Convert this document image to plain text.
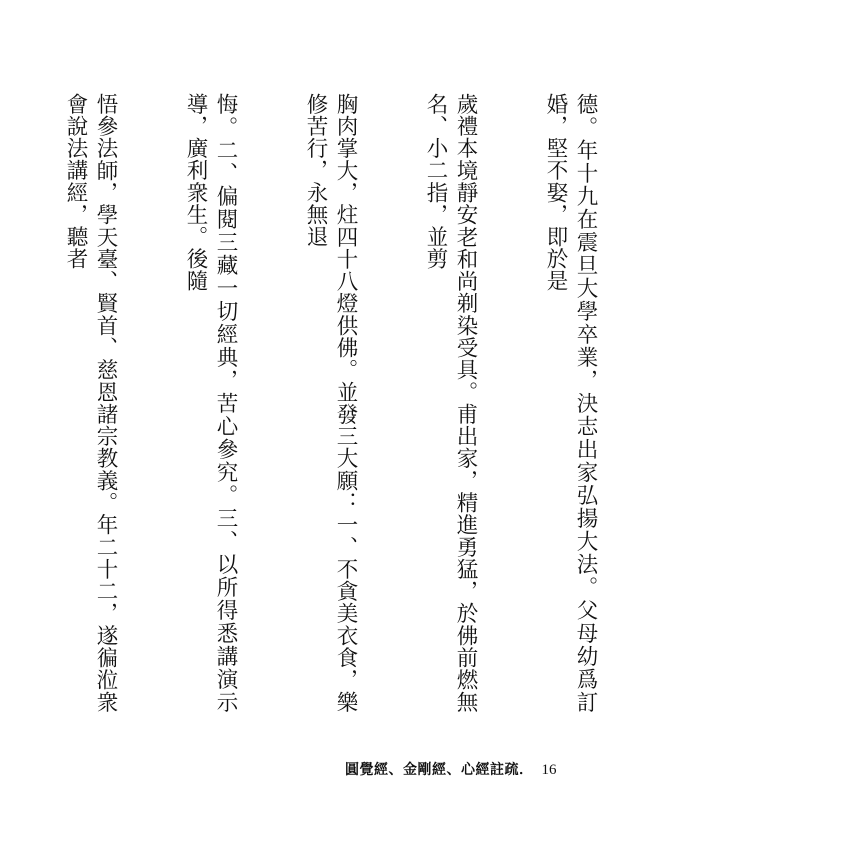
德。年十九在震旦大學卒業，決志出家弘揚大法。父母幼爲訂婚，堅不娶，即於是

歲禮本境靜安老和尚剃染受具。甫出家，精進勇猛，於佛前燃無名、小二指，並剪

胸肉掌大，炷四十八燈供佛。並發三大願：一、不貪美衣食，樂修苦行，永無退

悔。二、偏閱三藏一切經典，苦心參究。三、以所得悉講演示導，廣利衆生。後隨

悟參法師，學天臺、賢首、慈恩諸宗教義。年二十二，遂徧涖衆會說法講經，聽者

圓覺經、金剛經、心經註疏． 16
